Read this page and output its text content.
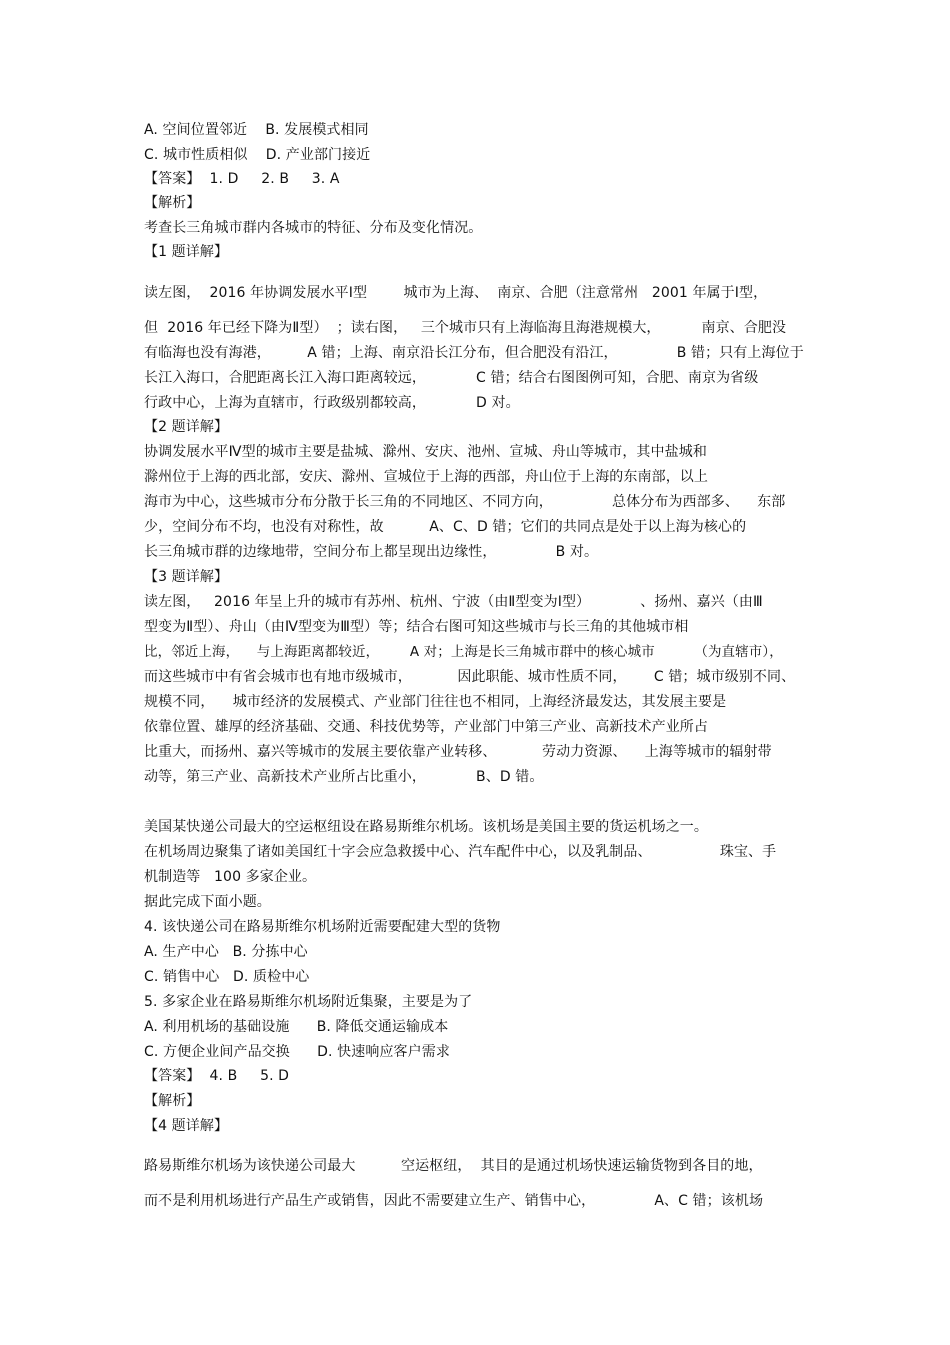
A. 空间位置邻近    B. 发展模式相同
C. 城市性质相似    D. 产业部门接近
【答案】  1. D     2. B     3. A
【解析】
考查长三角城市群内各城市的特征、分布及变化情况。
【1 题详解】
读左图，  2016 年协调发展水平Ⅰ型        城市为上海、  南京、合肥（注意常州   2001 年属于Ⅰ型，
但  2016 年已经下降为Ⅱ型）  ；读右图，   三个城市只有上海临海且海港规模大，         南京、合肥没
有临海也没有海港，        A 错；上海、南京沿长江分布，但合肥没有沿江，             B 错；只有上海位于
长江入海口，合肥距离长江入海口距离较远，           C 错；结合右图图例可知，合肥、南京为省级
行政中心，上海为直辖市，行政级别都较高，           D 对。
【2 题详解】
协调发展水平Ⅳ型的城市主要是盐城、滁州、安庆、池州、宣城、舟山等城市，其中盐城和
滁州位于上海的西北部，安庆、滁州、宣城位于上海的西部，舟山位于上海的东南部，以上
海市为中心，这些城市分布分散于长三角的不同地区、不同方向，             总体分布为西部多、    东部
少，空间分布不均，也没有对称性，故          A、C、D 错；它们的共同点是处于以上海为核心的
长三角城市群的边缘地带，空间分布上都呈现出边缘性，             B 对。
【3 题详解】
读左图，   2016 年呈上升的城市有苏州、杭州、宁波（由Ⅱ型变为Ⅰ型）           、扬州、嘉兴（由Ⅲ
型变为Ⅱ型）、舟山（由Ⅳ型变为Ⅲ型）等；结合右图可知这些城市与长三角的其他城市相
比，邻近上海，    与上海距离都较近，       A 对；上海是长三角城市群中的核心城市         （为直辖市），
而这些城市中有省会城市也有地市级城市，          因此职能、城市性质不同，      C 错；城市级别不同、
规模不同，    城市经济的发展模式、产业部门往往也不相同，上海经济最发达，其发展主要是
依靠位置、雄厚的经济基础、交通、科技优势等，产业部门中第三产业、高新技术产业所占
比重大，而扬州、嘉兴等城市的发展主要依靠产业转移、          劳动力资源、    上海等城市的辐射带
动等，第三产业、高新技术产业所占比重小，           B、D 错。
美国某快递公司最大的空运枢纽设在路易斯维尔机场。该机场是美国主要的货运机场之一。
在机场周边聚集了诸如美国红十字会应急救援中心、汽车配件中心，以及乳制品、               珠宝、手
机制造等   100 多家企业。
据此完成下面小题。
4. 该快递公司在路易斯维尔机场附近需要配建大型的货物
A. 生产中心   B. 分拣中心
C. 销售中心   D. 质检中心
5. 多家企业在路易斯维尔机场附近集聚，主要是为了
A. 利用机场的基础设施      B. 降低交通运输成本
C. 方便企业间产品交换      D. 快速响应客户需求
【答案】  4. B     5. D
【解析】
【4 题详解】
路易斯维尔机场为该快递公司最大          空运枢纽，  其目的是通过机场快速运输货物到各目的地，
而不是利用机场进行产品生产或销售，因此不需要建立生产、销售中心，             A、C 错；该机场
